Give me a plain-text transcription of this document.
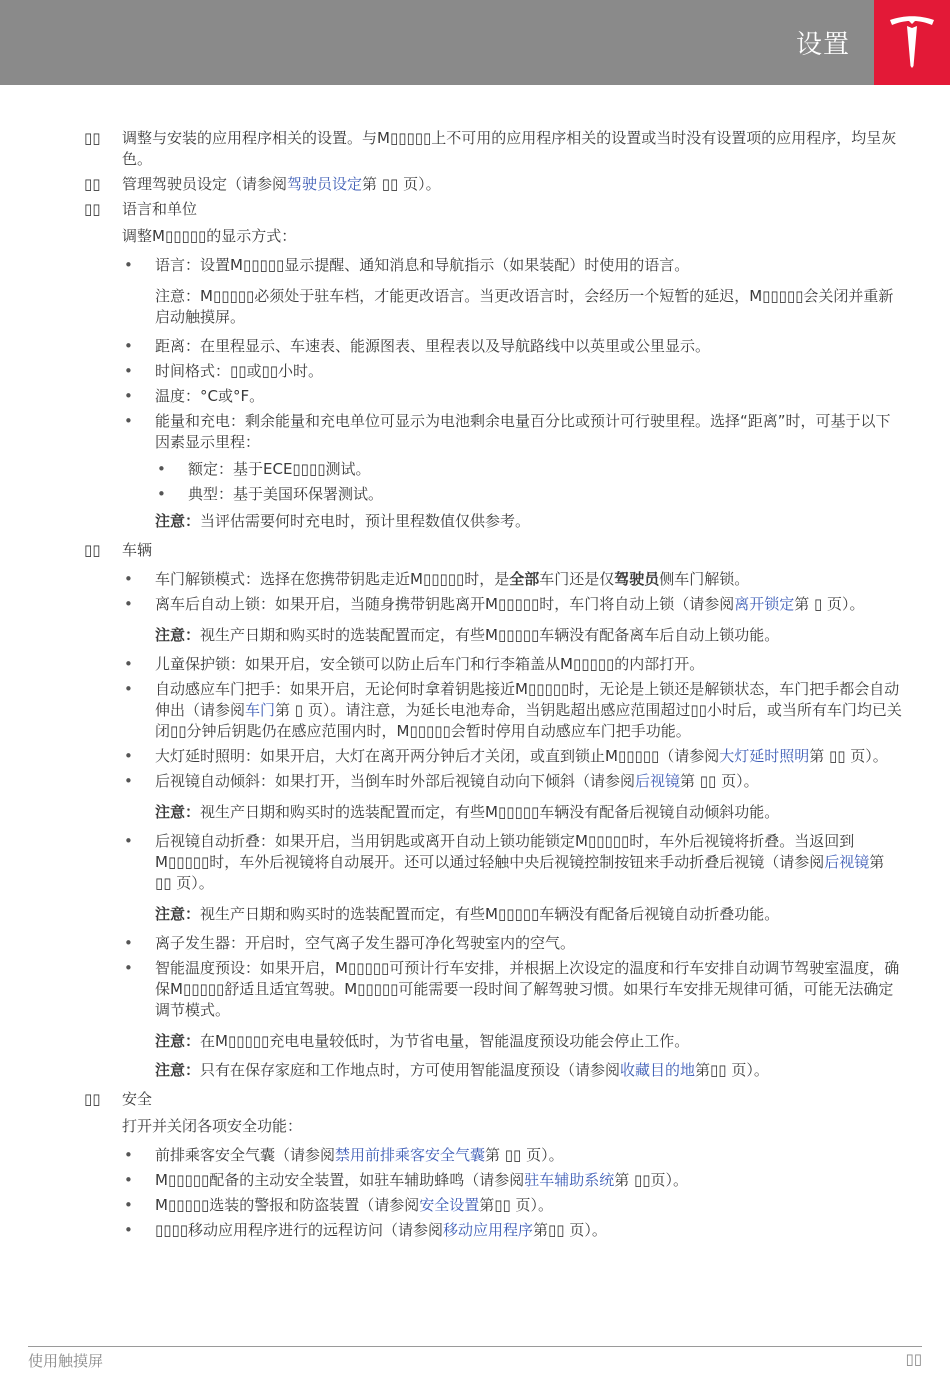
设置
▯▯	调整与安装的应用程序相关的设置。与M▯▯▯▯▯上不可用的应用程序相关的设置或当时没有设置项的应用程序，均呈灰色。
▯▯	管理驾驶员设定（请参阅驾驶员设定第 ▯▯ 页）。
▯▯	语言和单位
调整M▯▯▯▯▯的显示方式：
• 语言：设置M▯▯▯▯▯显示提醒、通知消息和导航指示（如果装配）时使用的语言。
注意：M▯▯▯▯▯必须处于驻车档，才能更改语言。当更改语言时，会经历一个短暂的延迟，M▯▯▯▯▯会关闭并重新启动触摸屏。
• 距离：在里程显示、车速表、能源图表、里程表以及导航路线中以英里或公里显示。
• 时间格式：▯▯或▯▯小时。
• 温度：°C或°F。
• 能量和充电：剩余能量和充电单位可显示为电池剩余电量百分比或预计可行驶里程。选择“距离”时，可基于以下因素显示里程：
• 额定：基于ECE▯▯▯▯测试。
• 典型：基于美国环保署测试。
注意：当评估需要何时充电时，预计里程数值仅供参考。
▯▯	车辆
• 车门解锁模式：选择在您携带钥匙走近M▯▯▯▯▯时，是全部车门还是仅驾驶员侧车门解锁。
• 离车后自动上锁：如果开启，当随身携带钥匙离开M▯▯▯▯▯时，车门将自动上锁（请参阅离开锁定第 ▯ 页）。
注意：视生产日期和购买时的选装配置而定，有些M▯▯▯▯▯车辆没有配备离车后自动上锁功能。
• 儿童保护锁：如果开启，安全锁可以防止后车门和行李箱盖从M▯▯▯▯▯的内部打开。
• 自动感应车门把手：如果开启，无论何时拿着钥匙接近M▯▯▯▯▯时，无论是上锁还是解锁状态，车门把手都会自动伸出（请参阅车门第 ▯ 页）。请注意，为延长电池寿命，当钥匙超出感应范围超过▯▯小时后，或当所有车门均已关闭▯▯分钟后钥匙仍在感应范围内时，M▯▯▯▯▯会暂时停用自动感应车门把手功能。
• 大灯延时照明：如果开启，大灯在离开两分钟后才关闭，或直到锁止M▯▯▯▯▯（请参阅大灯延时照明第 ▯▯ 页）。
• 后视镜自动倾斜：如果打开，当倒车时外部后视镜自动向下倾斜（请参阅后视镜第 ▯▯ 页）。
注意：视生产日期和购买时的选装配置而定，有些M▯▯▯▯▯车辆没有配备后视镜自动倾斜功能。
• 后视镜自动折叠：如果开启，当用钥匙或离开自动上锁功能锁定M▯▯▯▯▯时，车外后视镜将折叠。当返回到M▯▯▯▯▯时，车外后视镜将自动展开。还可以通过轻触中央后视镜控制按钮来手动折叠后视镜（请参阅后视镜第 ▯▯ 页）。
注意：视生产日期和购买时的选装配置而定，有些M▯▯▯▯▯车辆没有配备后视镜自动折叠功能。
• 离子发生器：开启时，空气离子发生器可净化驾驶室内的空气。
• 智能温度预设：如果开启，M▯▯▯▯▯可预计行车安排，并根据上次设定的温度和行车安排自动调节驾驶室温度，确保M▯▯▯▯▯舒适且适宜驾驶。M▯▯▯▯▯可能需要一段时间了解驾驶习惯。如果行车安排无规律可循，可能无法确定调节模式。
注意：在M▯▯▯▯▯充电电量较低时，为节省电量，智能温度预设功能会停止工作。
注意：只有在保存家庭和工作地点时，方可使用智能温度预设（请参阅收藏目的地第▯▯ 页）。
▯▯	安全
打开并关闭各项安全功能：
• 前排乘客安全气囊（请参阅禁用前排乘客安全气囊第 ▯▯ 页）。
• M▯▯▯▯▯配备的主动安全装置，如驻车辅助蜂鸣（请参阅驻车辅助系统第 ▯▯页）。
• M▯▯▯▯▯选装的警报和防盗装置（请参阅安全设置第▯▯ 页）。
• ▯▯▯▯移动应用程序进行的远程访问（请参阅移动应用程序第▯▯ 页）。
使用触摸屏	▯▯
